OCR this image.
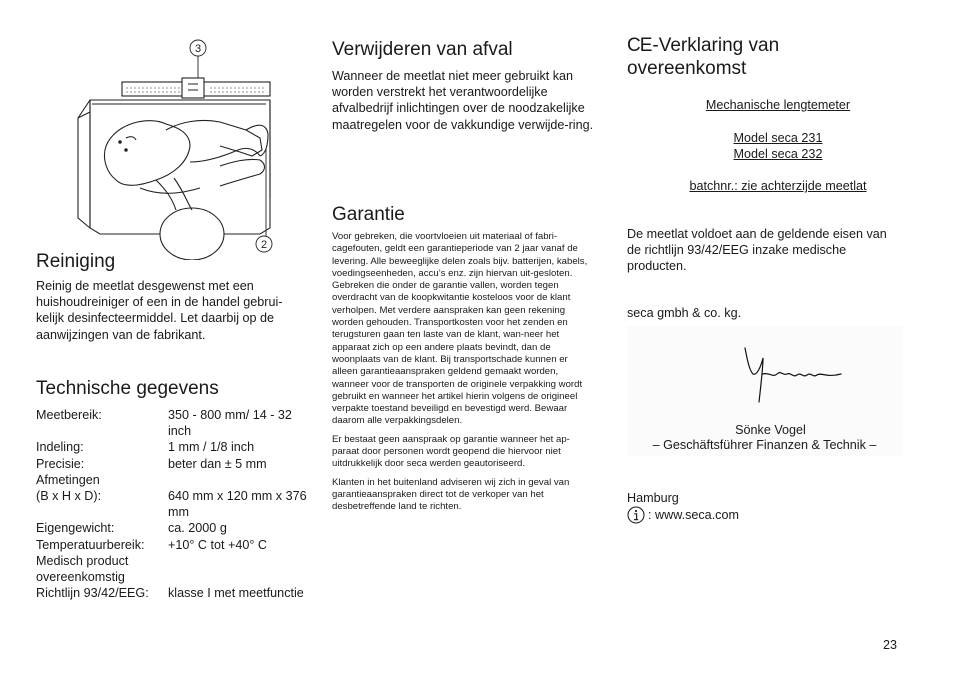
3
2
Reiniging

Reinig de meetlat desgewenst met een huishoudreiniger of een in de handel gebrui-kelijk desinfecteermiddel. Let daarbij op de aanwijzingen van de fabrikant.

Technische gegevens
Meetbereik:	350 - 800 mm/ 14 - 32 inch
Indeling:	1 mm / 1/8 inch
Precisie:	beter dan ± 5 mm
Afmetingen
(B x H x D):	640 mm x 120 mm x 376 mm
Eigengewicht:	ca. 2000 g
Temperatuurbereik:	+10° C tot +40° C
Medisch product overeenkomstig
Richtlijn 93/42/EEG:	klasse I met meetfunctie
Verwijderen van afval

Wanneer de meetlat niet meer gebruikt kan worden verstrekt het verantwoordelijke afvalbedrijf inlichtingen over de noodzakelijke maatregelen voor de vakkundige verwijde-ring.

Garantie

Voor gebreken, die voortvloeien uit materiaal of fabri-cagefouten, geldt een garantieperiode van 2 jaar vanaf de levering. Alle beweeglijke delen zoals bijv. batterijen, kabels, voedingseenheden, accu’s enz. zijn hiervan uit-gesloten. Gebreken die onder de garantie vallen, worden tegen overdracht van de koopkwitantie kosteloos voor de klant verholpen. Met verdere aanspraken kan geen rekening worden gehouden. Transportkosten voor het zenden en terugsturen gaan ten laste van de klant, wan-neer het apparaat zich op een andere plaats bevindt, dan de woonplaats van de klant. Bij transportschade kunnen er alleen garantieaanspraken geldend gemaakt worden, wanneer voor de transporten de originele verpakking wordt gebruikt en wanneer het artikel hierin volgens de origineel verpakte toestand beveiligd en bevestigd werd. Bewaar daarom alle verpakkingsdelen.

Er bestaat geen aanspraak op garantie wanneer het ap-paraat door personen wordt geopend die hiervoor niet uitdrukkelijk door seca werden geautoriseerd.

Klanten in het buitenland adviseren wij zich in geval van garantieaanspraken direct tot de verkoper van het desbetreffende land te richten.

CE-Verklaring van overeenkomst
Mechanische lengtemeter
Model seca 231
Model seca 232
batchnr.: zie achterzijde meetlat

De meetlat voldoet aan de geldende eisen van de richtlijn 93/42/EEG inzake medische producten.

seca gmbh & co. kg.

Sönke Vogel
– Geschäftsführer Finanzen & Technik –

Hamburg

: www.seca.com
23
